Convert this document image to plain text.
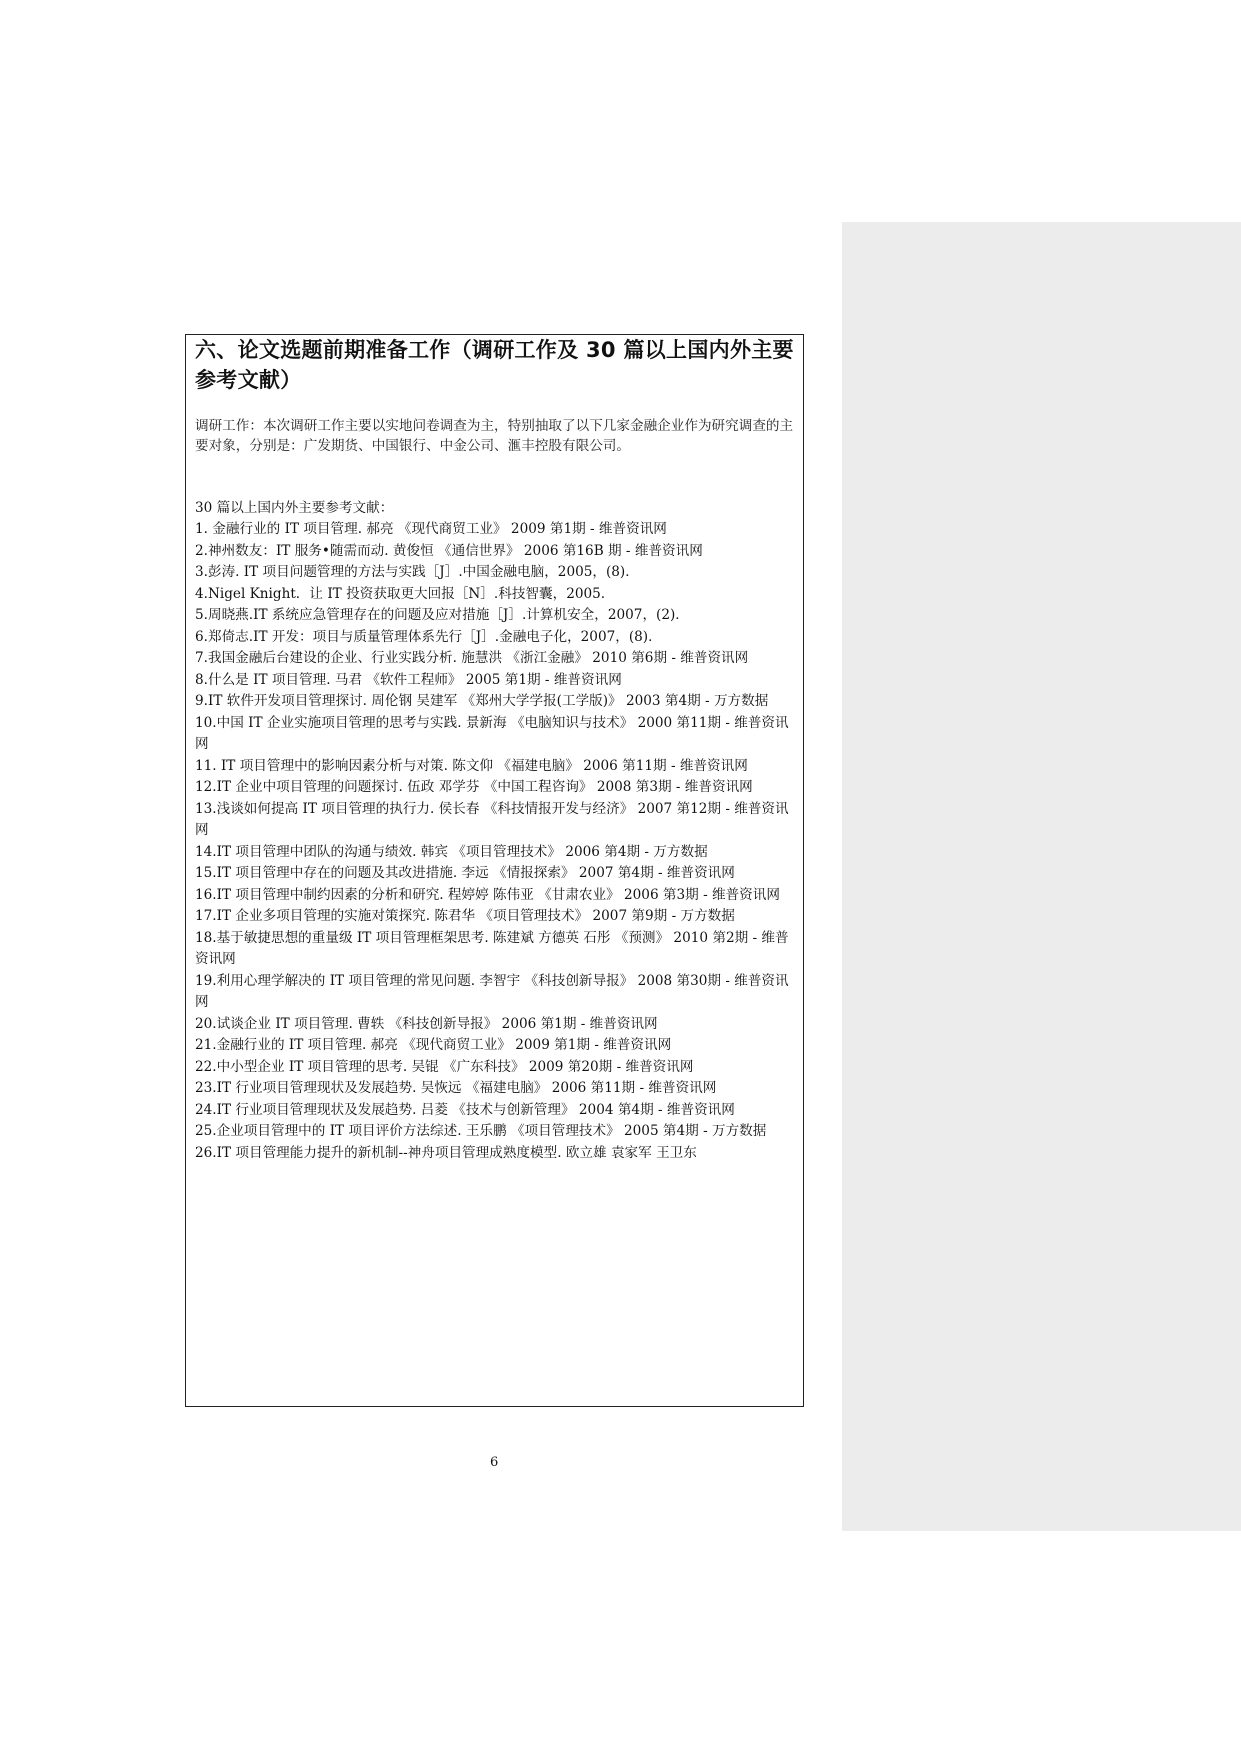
六、论文选题前期准备工作（调研工作及 30 篇以上国内外主要参考文献）
调研工作：本次调研工作主要以实地问卷调查为主，特别抽取了以下几家金融企业作为研究调查的主要对象，分别是：广发期货、中国银行、中金公司、滙丰控股有限公司。
30 篇以上国内外主要参考文献：
1. 金融行业的 IT 项目管理. 郝亮 《现代商贸工业》 2009 第1期 - 维普资讯网
2.神州数友：IT 服务•随需而动. 黄俊恒 《通信世界》 2006 第16B 期 - 维普资讯网
3.彭涛. IT 项目问题管理的方法与实践［J］.中国金融电脑，2005，(8)．
4.Nigel Knight．让 IT 投资获取更大回报［N］.科技智囊，2005.
5.周晓燕.IT 系统应急管理存在的问题及应对措施［J］.计算机安全，2007，(2)．
6.郑倚志.IT 开发：项目与质量管理体系先行［J］.金融电子化，2007，(8)．
7.我国金融后台建设的企业、行业实践分析. 施慧洪 《浙江金融》 2010 第6期 - 维普资讯网
8.什么是 IT 项目管理. 马君 《软件工程师》 2005 第1期 - 维普资讯网
9.IT 软件开发项目管理探讨. 周伦钢 吴建军 《郑州大学学报(工学版)》 2003 第4期 - 万方数据
10.中国 IT 企业实施项目管理的思考与实践. 景新海 《电脑知识与技术》 2000 第11期 - 维普资讯网
11. IT 项目管理中的影响因素分析与对策. 陈文仰 《福建电脑》 2006 第11期 - 维普资讯网
12.IT 企业中项目管理的问题探讨. 伍政 邓学芬 《中国工程咨询》 2008 第3期 - 维普资讯网
13.浅谈如何提高 IT 项目管理的执行力. 侯长春 《科技情报开发与经济》 2007 第12期 - 维普资讯网
14.IT 项目管理中团队的沟通与绩效. 韩宾 《项目管理技术》 2006 第4期 - 万方数据
15.IT 项目管理中存在的问题及其改进措施. 李远 《情报探索》 2007 第4期 - 维普资讯网
16.IT 项目管理中制约因素的分析和研究. 程婷婷 陈伟亚 《甘肃农业》 2006 第3期 - 维普资讯网
17.IT 企业多项目管理的实施对策探究. 陈君华 《项目管理技术》 2007 第9期 - 万方数据
18.基于敏捷思想的重量级 IT 项目管理框架思考. 陈建斌 方德英 石彤 《预测》 2010 第2期 - 维普资讯网
19.利用心理学解决的 IT 项目管理的常见问题. 李智宇 《科技创新导报》 2008 第30期 - 维普资讯网
20.试谈企业 IT 项目管理. 曹轶 《科技创新导报》 2006 第1期 - 维普资讯网
21.金融行业的 IT 项目管理. 郝亮 《现代商贸工业》 2009 第1期 - 维普资讯网
22.中小型企业 IT 项目管理的思考. 吴锟 《广东科技》 2009 第20期 - 维普资讯网
23.IT 行业项目管理现状及发展趋势. 吴恢远 《福建电脑》 2006 第11期 - 维普资讯网
24.IT 行业项目管理现状及发展趋势. 吕菱 《技术与创新管理》 2004 第4期 - 维普资讯网
25.企业项目管理中的 IT 项目评价方法综述. 王乐鹏 《项目管理技术》 2005 第4期 - 万方数据
26.IT 项目管理能力提升的新机制--神舟项目管理成熟度模型. 欧立雄 袁家军 王卫东
6
